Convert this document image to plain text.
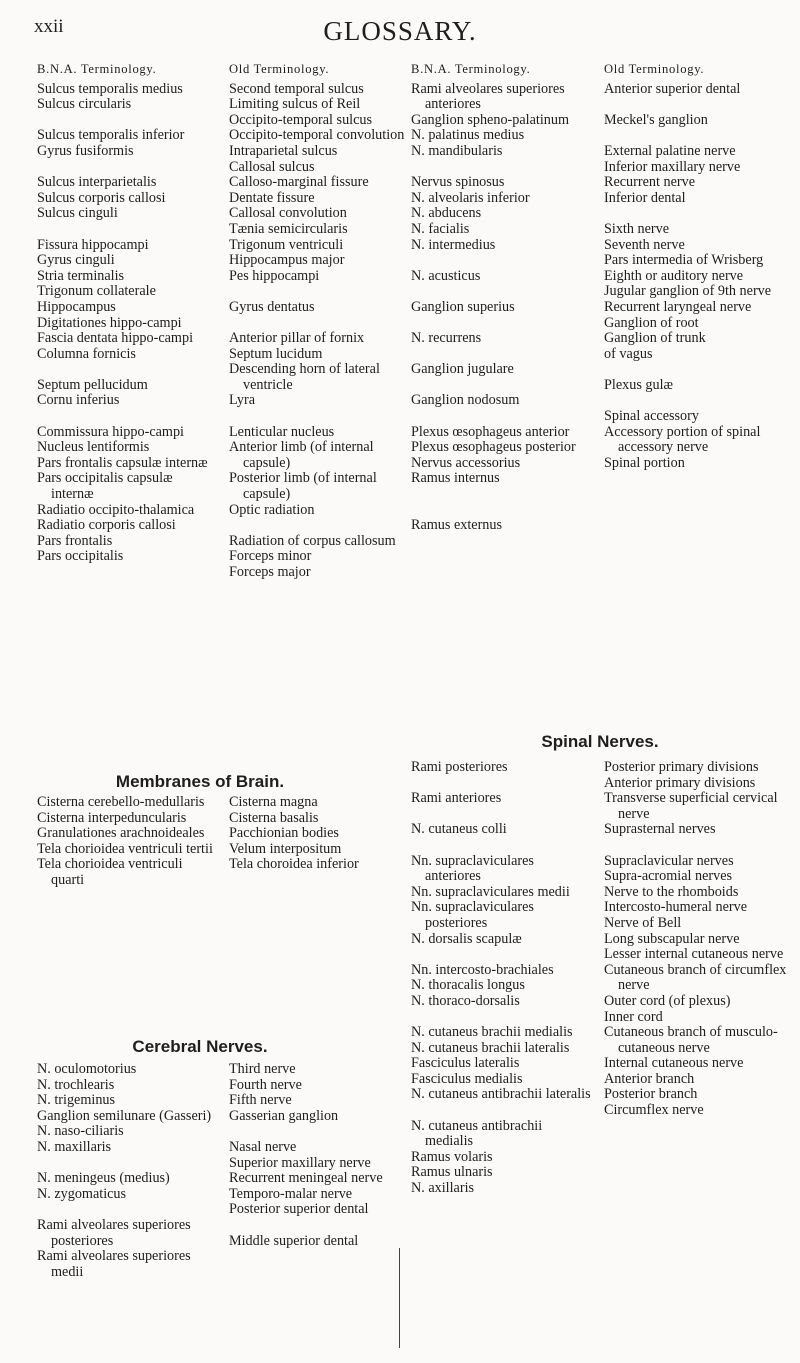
xxii	GLOSSARY.
B.N.A. Terminology.
Sulcus temporalis medius
Sulcus circularis
Sulcus temporalis inferior
Gyrus fusiformis
Sulcus interparietalis
Sulcus corporis callosi
Sulcus cinguli
Fissura hippocampi
Gyrus cinguli
Stria terminalis
Trigonum collaterale
Hippocampus
Digitationes hippo-campi
Fascia dentata hippo-campi
Columna fornicis
Septum pellucidum
Cornu inferius
Commissura hippo-campi
Nucleus lentiformis
Pars frontalis capsulæ internæ
Pars occipitalis capsulæ internæ
Radiatio occipito-thalamica
Radiatio corporis callosi
Pars frontalis
Pars occipitalis
Old Terminology.
Second temporal sulcus
Limiting sulcus of Reil
Occipito-temporal sulcus
Occipito-temporal convolution
Intraparietal sulcus
Callosal sulcus
Calloso-marginal fissure
Dentate fissure
Callosal convolution
Tænia semicircularis
Trigonum ventriculi
Hippocampus major
Pes hippocampi
Gyrus dentatus
Anterior pillar of fornix
Septum lucidum
Descending horn of lateral ventricle
Lyra
Lenticular nucleus
Anterior limb (of internal capsule)
Posterior limb (of internal capsule)
Optic radiation
Radiation of corpus callosum
Forceps minor
Forceps major
B.N.A. Terminology.
Rami alveolares superiores anteriores
Ganglion spheno-palatinum
N. palatinus medius
N. mandibularis
Nervus spinosus
N. alveolaris inferior
N. abducens
N. facialis
N. intermedius
N. acusticus
Ganglion superius
N. recurrens
Ganglion jugulare
Ganglion nodosum
Plexus œsophageus anterior
Plexus œsophageus posterior
Nervus accessorius
Ramus internus
Ramus externus
Old Terminology.
Anterior superior dental
Meckel's ganglion
External palatine nerve
Inferior maxillary nerve
Recurrent nerve
Inferior dental
Sixth nerve
Seventh nerve
Pars intermedia of Wrisberg
Eighth or auditory nerve
Jugular ganglion of 9th nerve
Recurrent laryngeal nerve
Ganglion of root
Ganglion of trunk
of vagus
Plexus gulæ
Spinal accessory
Accessory portion of spinal accessory nerve
Spinal portion
Membranes of Brain.
Cisterna cerebello-medullaris
Cisterna interpeduncularis
Granulationes arachnoideales
Tela chorioidea ventriculi tertii
Tela chorioidea ventriculi quarti
Cisterna magna
Cisterna basalis
Pacchionian bodies
Velum interpositum
Tela choroidea inferior
Cerebral Nerves.
N. oculomotorius
N. trochlearis
N. trigeminus
Ganglion semilunare (Gasseri)
N. naso-ciliaris
N. maxillaris
N. meningeus (medius)
N. zygomaticus
Rami alveolares superiores posteriores
Rami alveolares superiores medii
Third nerve
Fourth nerve
Fifth nerve
Gasserian ganglion
Nasal nerve
Superior maxillary nerve
Recurrent meningeal nerve
Temporo-malar nerve
Posterior superior dental
Middle superior dental
Spinal Nerves.
Rami posteriores
Rami anteriores
N. cutaneus colli
Nn. supraclaviculares anteriores
Nn. supraclaviculares medii
Nn. supraclaviculares posteriores
N. dorsalis scapulæ
Nn. intercosto-brachiales
N. thoracalis longus
N. thoraco-dorsalis
N. cutaneus brachii medialis
N. cutaneus brachii lateralis
Fasciculus lateralis
Fasciculus medialis
N. cutaneus antibrachii lateralis
N. cutaneus antibrachii medialis
Ramus volaris
Ramus ulnaris
N. axillaris
Posterior primary divisions
Anterior primary divisions
Transverse superficial cervical nerve
Suprasternal nerves
Supraclavicular nerves
Supra-acromial nerves
Nerve to the rhomboids
Intercosto-humeral nerve
Nerve of Bell
Long subscapular nerve
Lesser internal cutaneous nerve
Cutaneous branch of circumflex nerve
Outer cord (of plexus)
Inner cord
Cutaneous branch of musculo-cutaneous nerve
Internal cutaneous nerve
Anterior branch
Posterior branch
Circumflex nerve
